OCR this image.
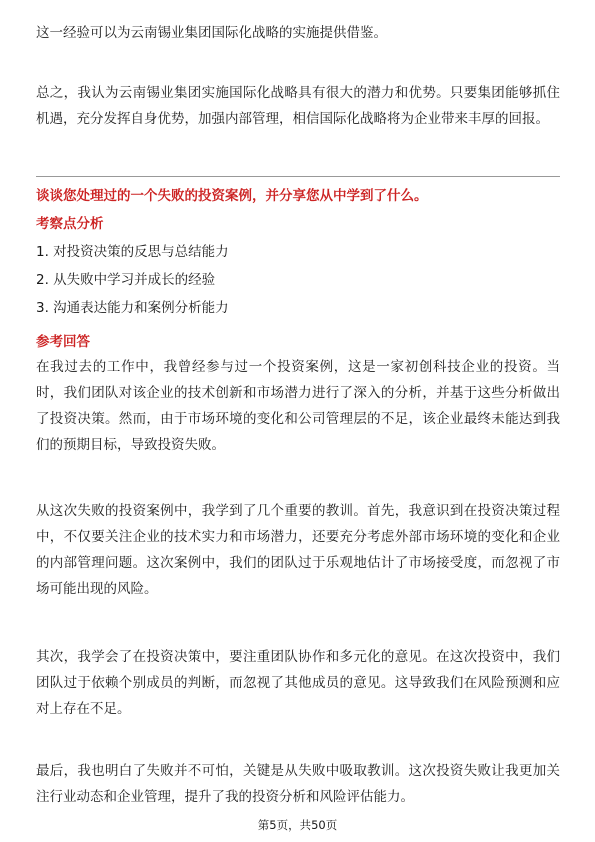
这一经验可以为云南锡业集团国际化战略的实施提供借鉴。

总之，我认为云南锡业集团实施国际化战略具有很大的潜力和优势。只要集团能够抓住机遇，充分发挥自身优势，加强内部管理，相信国际化战略将为企业带来丰厚的回报。

谈谈您处理过的一个失败的投资案例，并分享您从中学到了什么。

考察点分析

1. 对投资决策的反思与总结能力

2. 从失败中学习并成长的经验

3. 沟通表达能力和案例分析能力

参考回答

在我过去的工作中，我曾经参与过一个投资案例，这是一家初创科技企业的投资。当时，我们团队对该企业的技术创新和市场潜力进行了深入的分析，并基于这些分析做出了投资决策。然而，由于市场环境的变化和公司管理层的不足，该企业最终未能达到我们的预期目标，导致投资失败。

从这次失败的投资案例中，我学到了几个重要的教训。首先，我意识到在投资决策过程中，不仅要关注企业的技术实力和市场潜力，还要充分考虑外部市场环境的变化和企业的内部管理问题。这次案例中，我们的团队过于乐观地估计了市场接受度，而忽视了市场可能出现的风险。

其次，我学会了在投资决策中，要注重团队协作和多元化的意见。在这次投资中，我们团队过于依赖个别成员的判断，而忽视了其他成员的意见。这导致我们在风险预测和应对上存在不足。

最后，我也明白了失败并不可怕，关键是从失败中吸取教训。这次投资失败让我更加关注行业动态和企业管理，提升了我的投资分析和风险评估能力。

第5页，共50页
